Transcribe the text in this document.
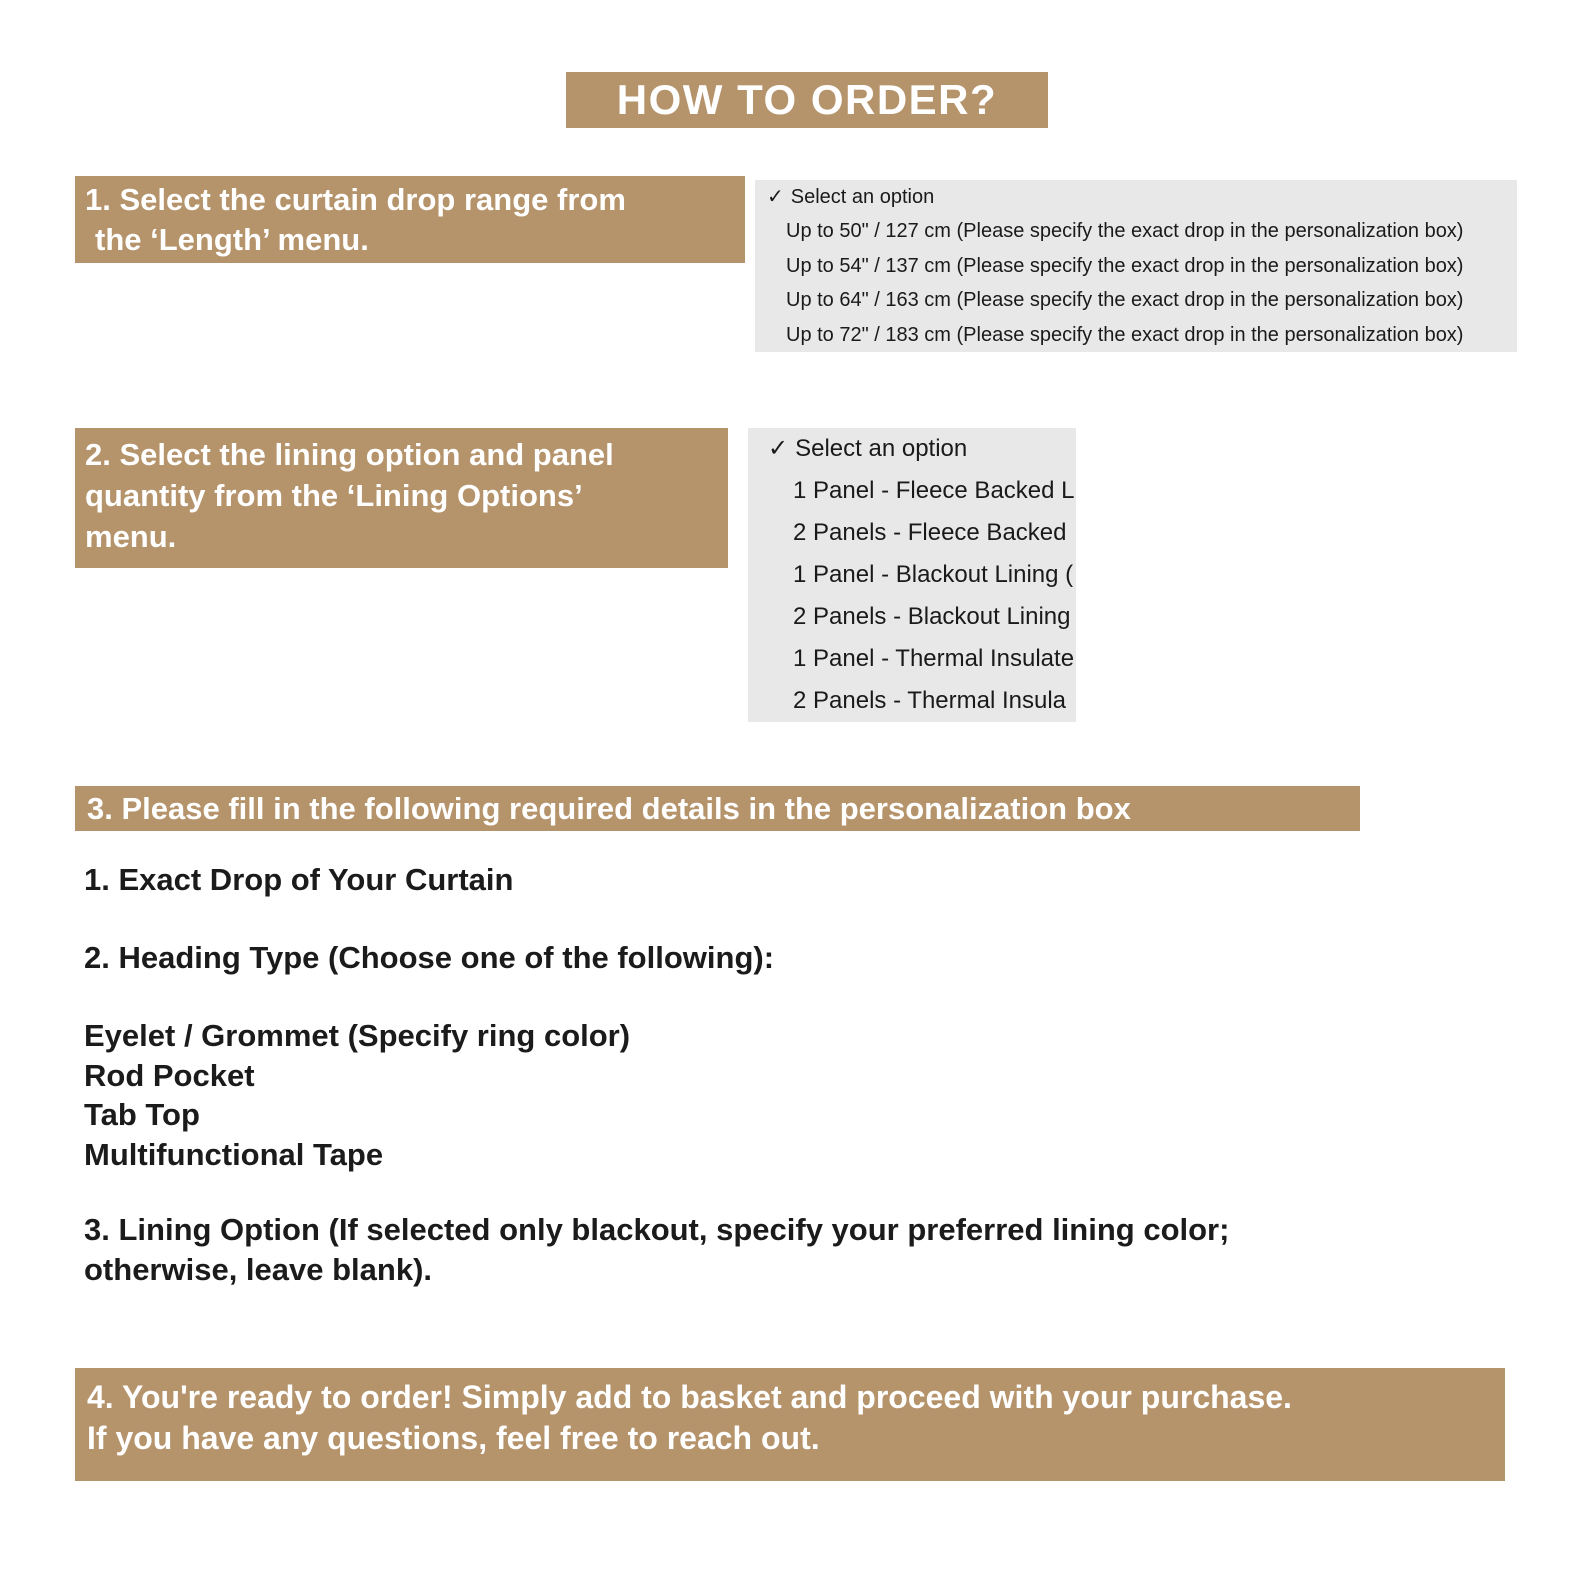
HOW TO ORDER?
1. Select the curtain drop range from
the ‘Length’ menu.
✓ Select an option
Up to 50" / 127 cm (Please specify the exact drop in the personalization box)
Up to 54" / 137 cm (Please specify the exact drop in the personalization box)
Up to 64" / 163 cm (Please specify the exact drop in the personalization box)
Up to 72" / 183 cm (Please specify the exact drop in the personalization box)
2. Select the lining option and panel
quantity from the ‘Lining Options’
menu.
✓ Select an option
1 Panel - Fleece Backed L
2 Panels - Fleece Backed
1 Panel - Blackout Lining (
2 Panels - Blackout Lining
1 Panel - Thermal Insulate
2 Panels - Thermal Insula
3. Please fill in the following required details in the personalization box
1. Exact Drop of Your Curtain
2. Heading Type (Choose one of the following):
Eyelet / Grommet (Specify ring color)
Rod Pocket
Tab Top
Multifunctional Tape
3. Lining Option (If selected only blackout, specify your preferred lining color;
otherwise, leave blank).
4. You're ready to order! Simply add to basket and proceed with your purchase.
If you have any questions, feel free to reach out.
